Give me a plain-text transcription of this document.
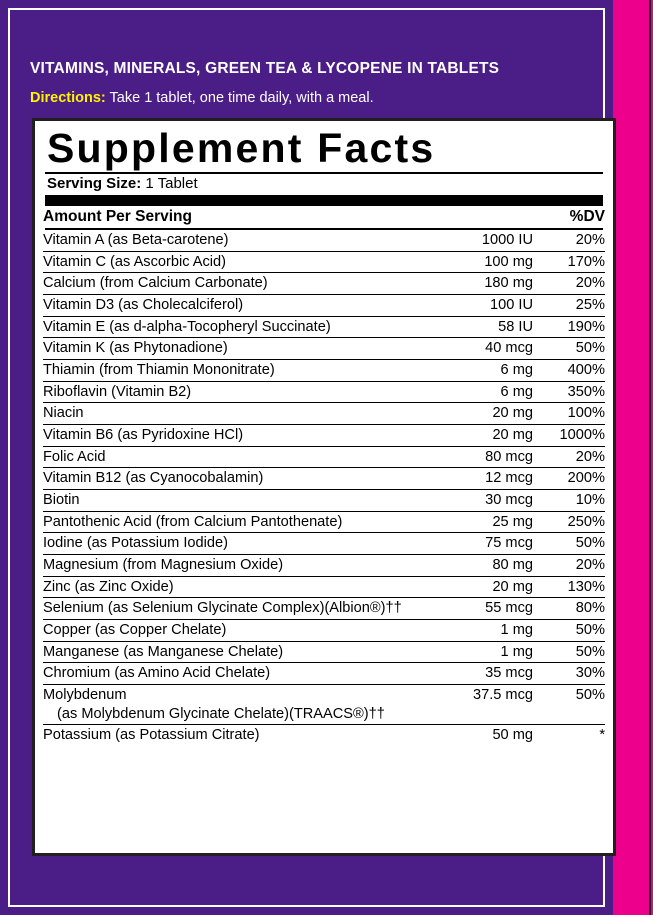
VITAMINS, MINERALS, GREEN TEA & LYCOPENE IN TABLETS
Directions: Take 1 tablet, one time daily, with a meal.
Supplement Facts
Serving Size: 1 Tablet
Amount Per Serving		%DV
Vitamin A (as Beta-carotene)	1000 IU	20%
Vitamin C (as Ascorbic Acid)	100 mg	170%
Calcium (from Calcium Carbonate)	180 mg	20%
Vitamin D3 (as Cholecalciferol)	100 IU	25%
Vitamin E (as d-alpha-Tocopheryl Succinate)	58 IU	190%
Vitamin K (as Phytonadione)	40 mcg	50%
Thiamin (from Thiamin Mononitrate)	6 mg	400%
Riboflavin (Vitamin B2)	6 mg	350%
Niacin	20 mg	100%
Vitamin B6 (as Pyridoxine HCl)	20 mg	1000%
Folic Acid	80 mcg	20%
Vitamin B12 (as Cyanocobalamin)	12 mcg	200%
Biotin	30 mcg	10%
Pantothenic Acid (from Calcium Pantothenate)	25 mg	250%
Iodine (as Potassium Iodide)	75 mcg	50%
Magnesium (from Magnesium Oxide)	80 mg	20%
Zinc (as Zinc Oxide)	20 mg	130%
Selenium (as Selenium Glycinate Complex)(Albion®)††	55 mcg	80%
Copper (as Copper Chelate)	1 mg	50%
Manganese (as Manganese Chelate)	1 mg	50%
Chromium (as Amino Acid Chelate)	35 mcg	30%
Molybdenum
(as Molybdenum Glycinate Chelate)(TRAACS®)††	37.5 mcg	50%
Potassium (as Potassium Citrate)	50 mg	*
